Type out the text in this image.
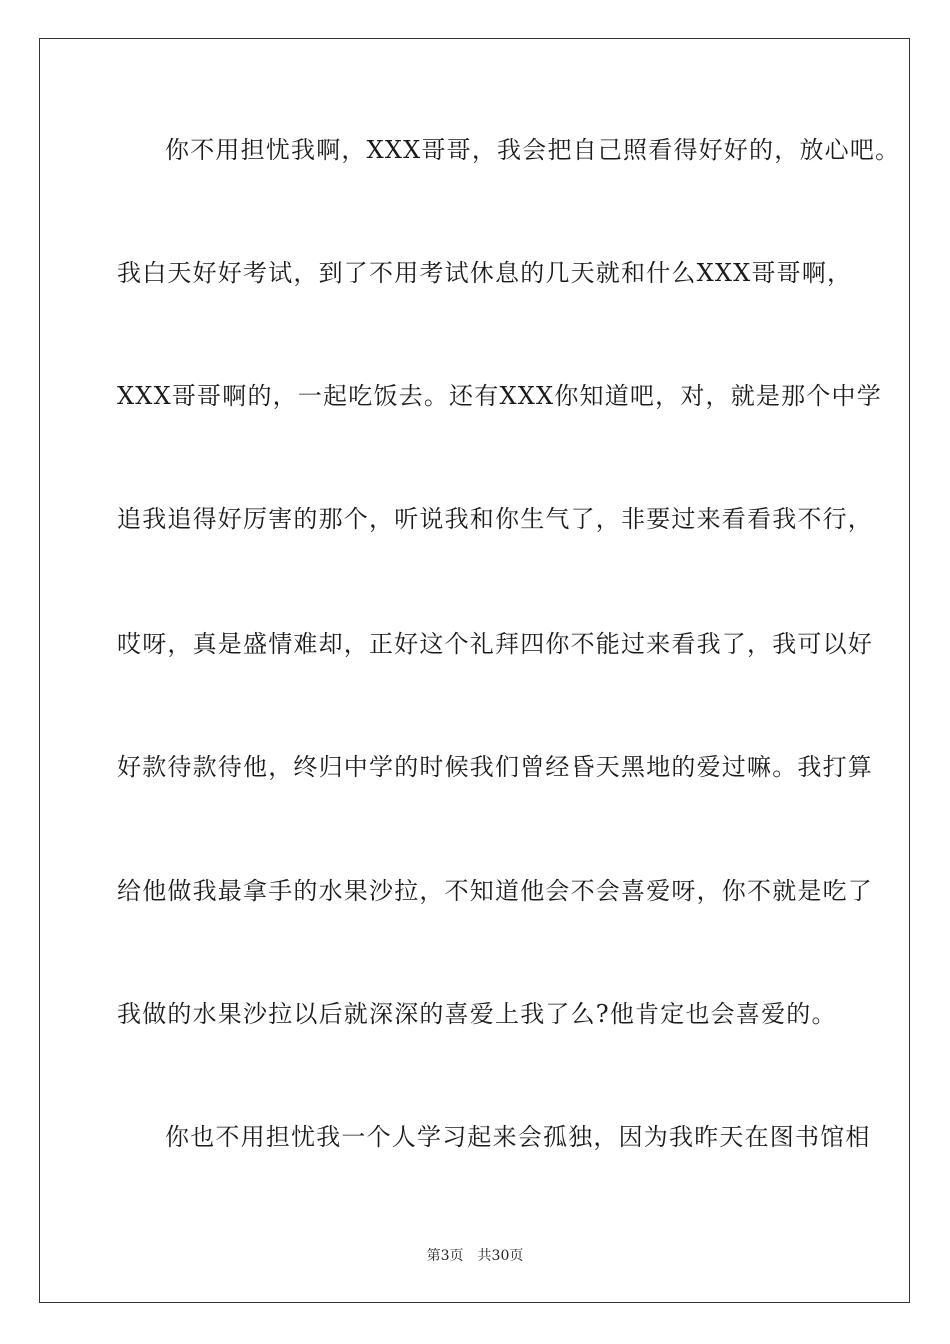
你不用担忧我啊，XXX哥哥，我会把自己照看得好好的，放心吧。
我白天好好考试，到了不用考试休息的几天就和什么XXX哥哥啊，
XXX哥哥啊的，一起吃饭去。还有XXX你知道吧，对，就是那个中学
追我追得好厉害的那个，听说我和你生气了，非要过来看看我不行，
哎呀，真是盛情难却，正好这个礼拜四你不能过来看我了，我可以好
好款待款待他，终归中学的时候我们曾经昏天黑地的爱过嘛。我打算
给他做我最拿手的水果沙拉，不知道他会不会喜爱呀，你不就是吃了
我做的水果沙拉以后就深深的喜爱上我了么?他肯定也会喜爱的。
你也不用担忧我一个人学习起来会孤独，因为我昨天在图书馆相
第3页 共30页
